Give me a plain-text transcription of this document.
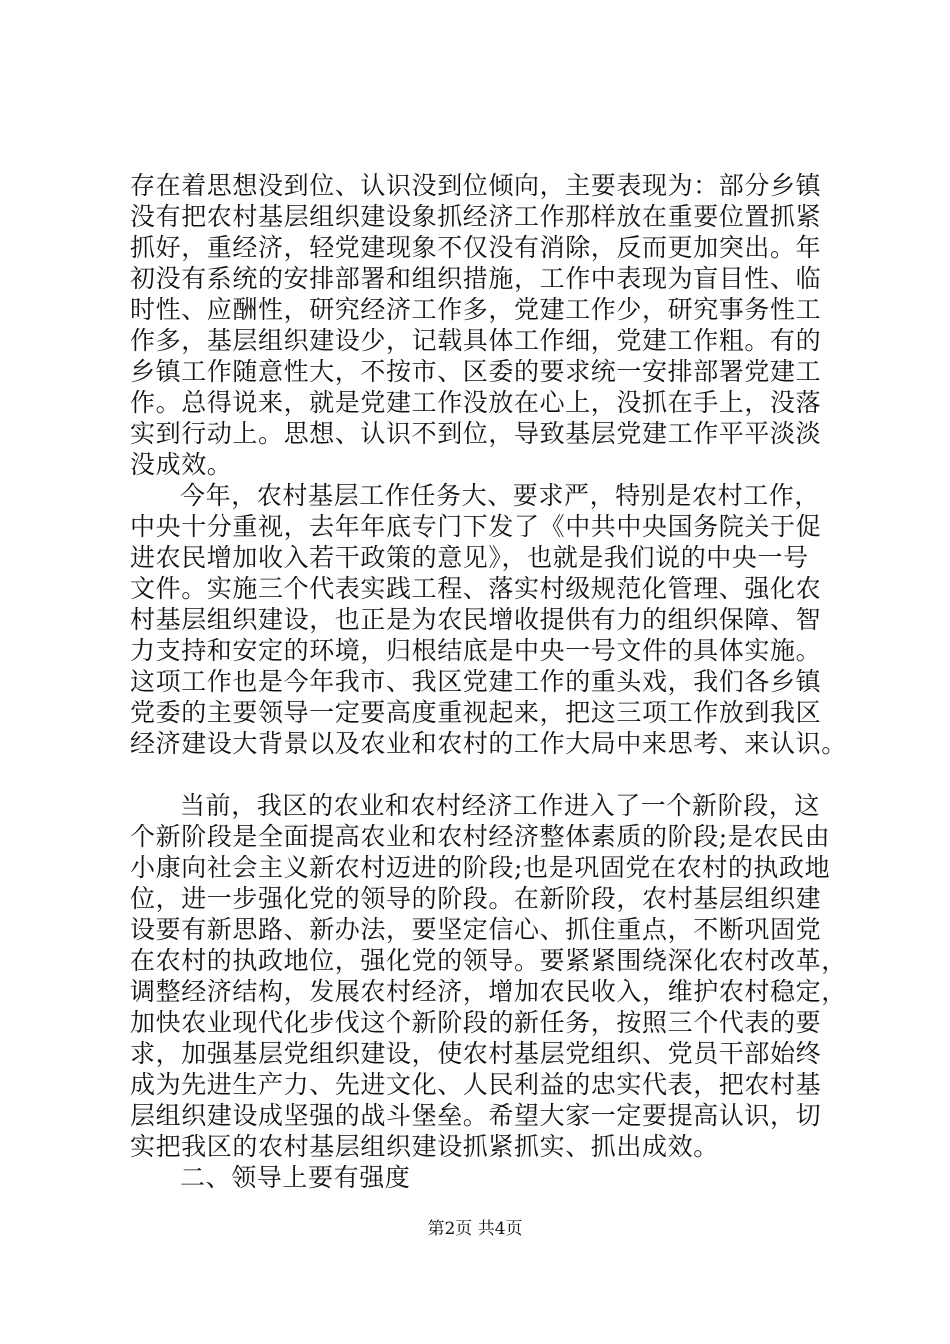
存在着思想没到位、认识没到位倾向，主要表现为：部分乡镇
没有把农村基层组织建设象抓经济工作那样放在重要位置抓紧
抓好，重经济，轻党建现象不仅没有消除，反而更加突出。年
初没有系统的安排部署和组织措施，工作中表现为盲目性、临
时性、应酬性，研究经济工作多，党建工作少，研究事务性工
作多，基层组织建设少，记载具体工作细，党建工作粗。有的
乡镇工作随意性大，不按市、区委的要求统一安排部署党建工
作。总得说来，就是党建工作没放在心上，没抓在手上，没落
实到行动上。思想、认识不到位，导致基层党建工作平平淡淡
没成效。
今年，农村基层工作任务大、要求严，特别是农村工作，
中央十分重视，去年年底专门下发了《中共中央国务院关于促
进农民增加收入若干政策的意见》，也就是我们说的中央一号
文件。实施三个代表实践工程、落实村级规范化管理、强化农
村基层组织建设，也正是为农民增收提供有力的组织保障、智
力支持和安定的环境，归根结底是中央一号文件的具体实施。
这项工作也是今年我市、我区党建工作的重头戏，我们各乡镇
党委的主要领导一定要高度重视起来，把这三项工作放到我区
经济建设大背景以及农业和农村的工作大局中来思考、来认识。
当前，我区的农业和农村经济工作进入了一个新阶段，这
个新阶段是全面提高农业和农村经济整体素质的阶段;是农民由
小康向社会主义新农村迈进的阶段;也是巩固党在农村的执政地
位，进一步强化党的领导的阶段。在新阶段，农村基层组织建
设要有新思路、新办法，要坚定信心、抓住重点，不断巩固党
在农村的执政地位，强化党的领导。要紧紧围绕深化农村改革，
调整经济结构，发展农村经济，增加农民收入，维护农村稳定，
加快农业现代化步伐这个新阶段的新任务，按照三个代表的要
求，加强基层党组织建设，使农村基层党组织、党员干部始终
成为先进生产力、先进文化、人民利益的忠实代表，把农村基
层组织建设成坚强的战斗堡垒。希望大家一定要提高认识，切
实把我区的农村基层组织建设抓紧抓实、抓出成效。
二、领导上要有强度
第2页 共4页
